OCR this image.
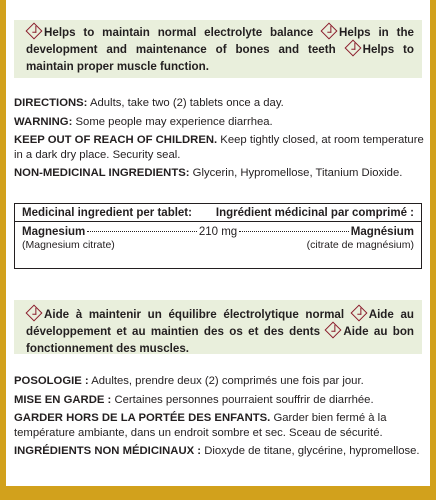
Helps to maintain normal electrolyte balance Helps in the development and maintenance of bones and teeth Helps to maintain proper muscle function.

DIRECTIONS: Adults, take two (2) tablets once a day.

WARNING: Some people may experience diarrhea.

KEEP OUT OF REACH OF CHILDREN. Keep tightly closed, at room temperature in a dark dry place. Security seal.

NON-MEDICINAL INGREDIENTS: Glycerin, Hypromellose, Titanium Dioxide.

Medicinal ingredient per tablet: Ingrédient médicinal par comprimé :
Magnesium	210 mg	Magnésium
(Magnesium citrate)	(citrate de magnésium)
Aide à maintenir un équilibre électrolytique normal Aide au développement et au maintien des os et des dents Aide au bon fonctionnement des muscles.

POSOLOGIE : Adultes, prendre deux (2) comprimés une fois par jour.

MISE EN GARDE : Certaines personnes pourraient souffrir de diarrhée.

GARDER HORS DE LA PORTÉE DES ENFANTS. Garder bien fermé à la température ambiante, dans un endroit sombre et sec. Sceau de sécurité.

INGRÉDIENTS NON MÉDICINAUX : Dioxyde de titane, glycérine, hypromellose.
